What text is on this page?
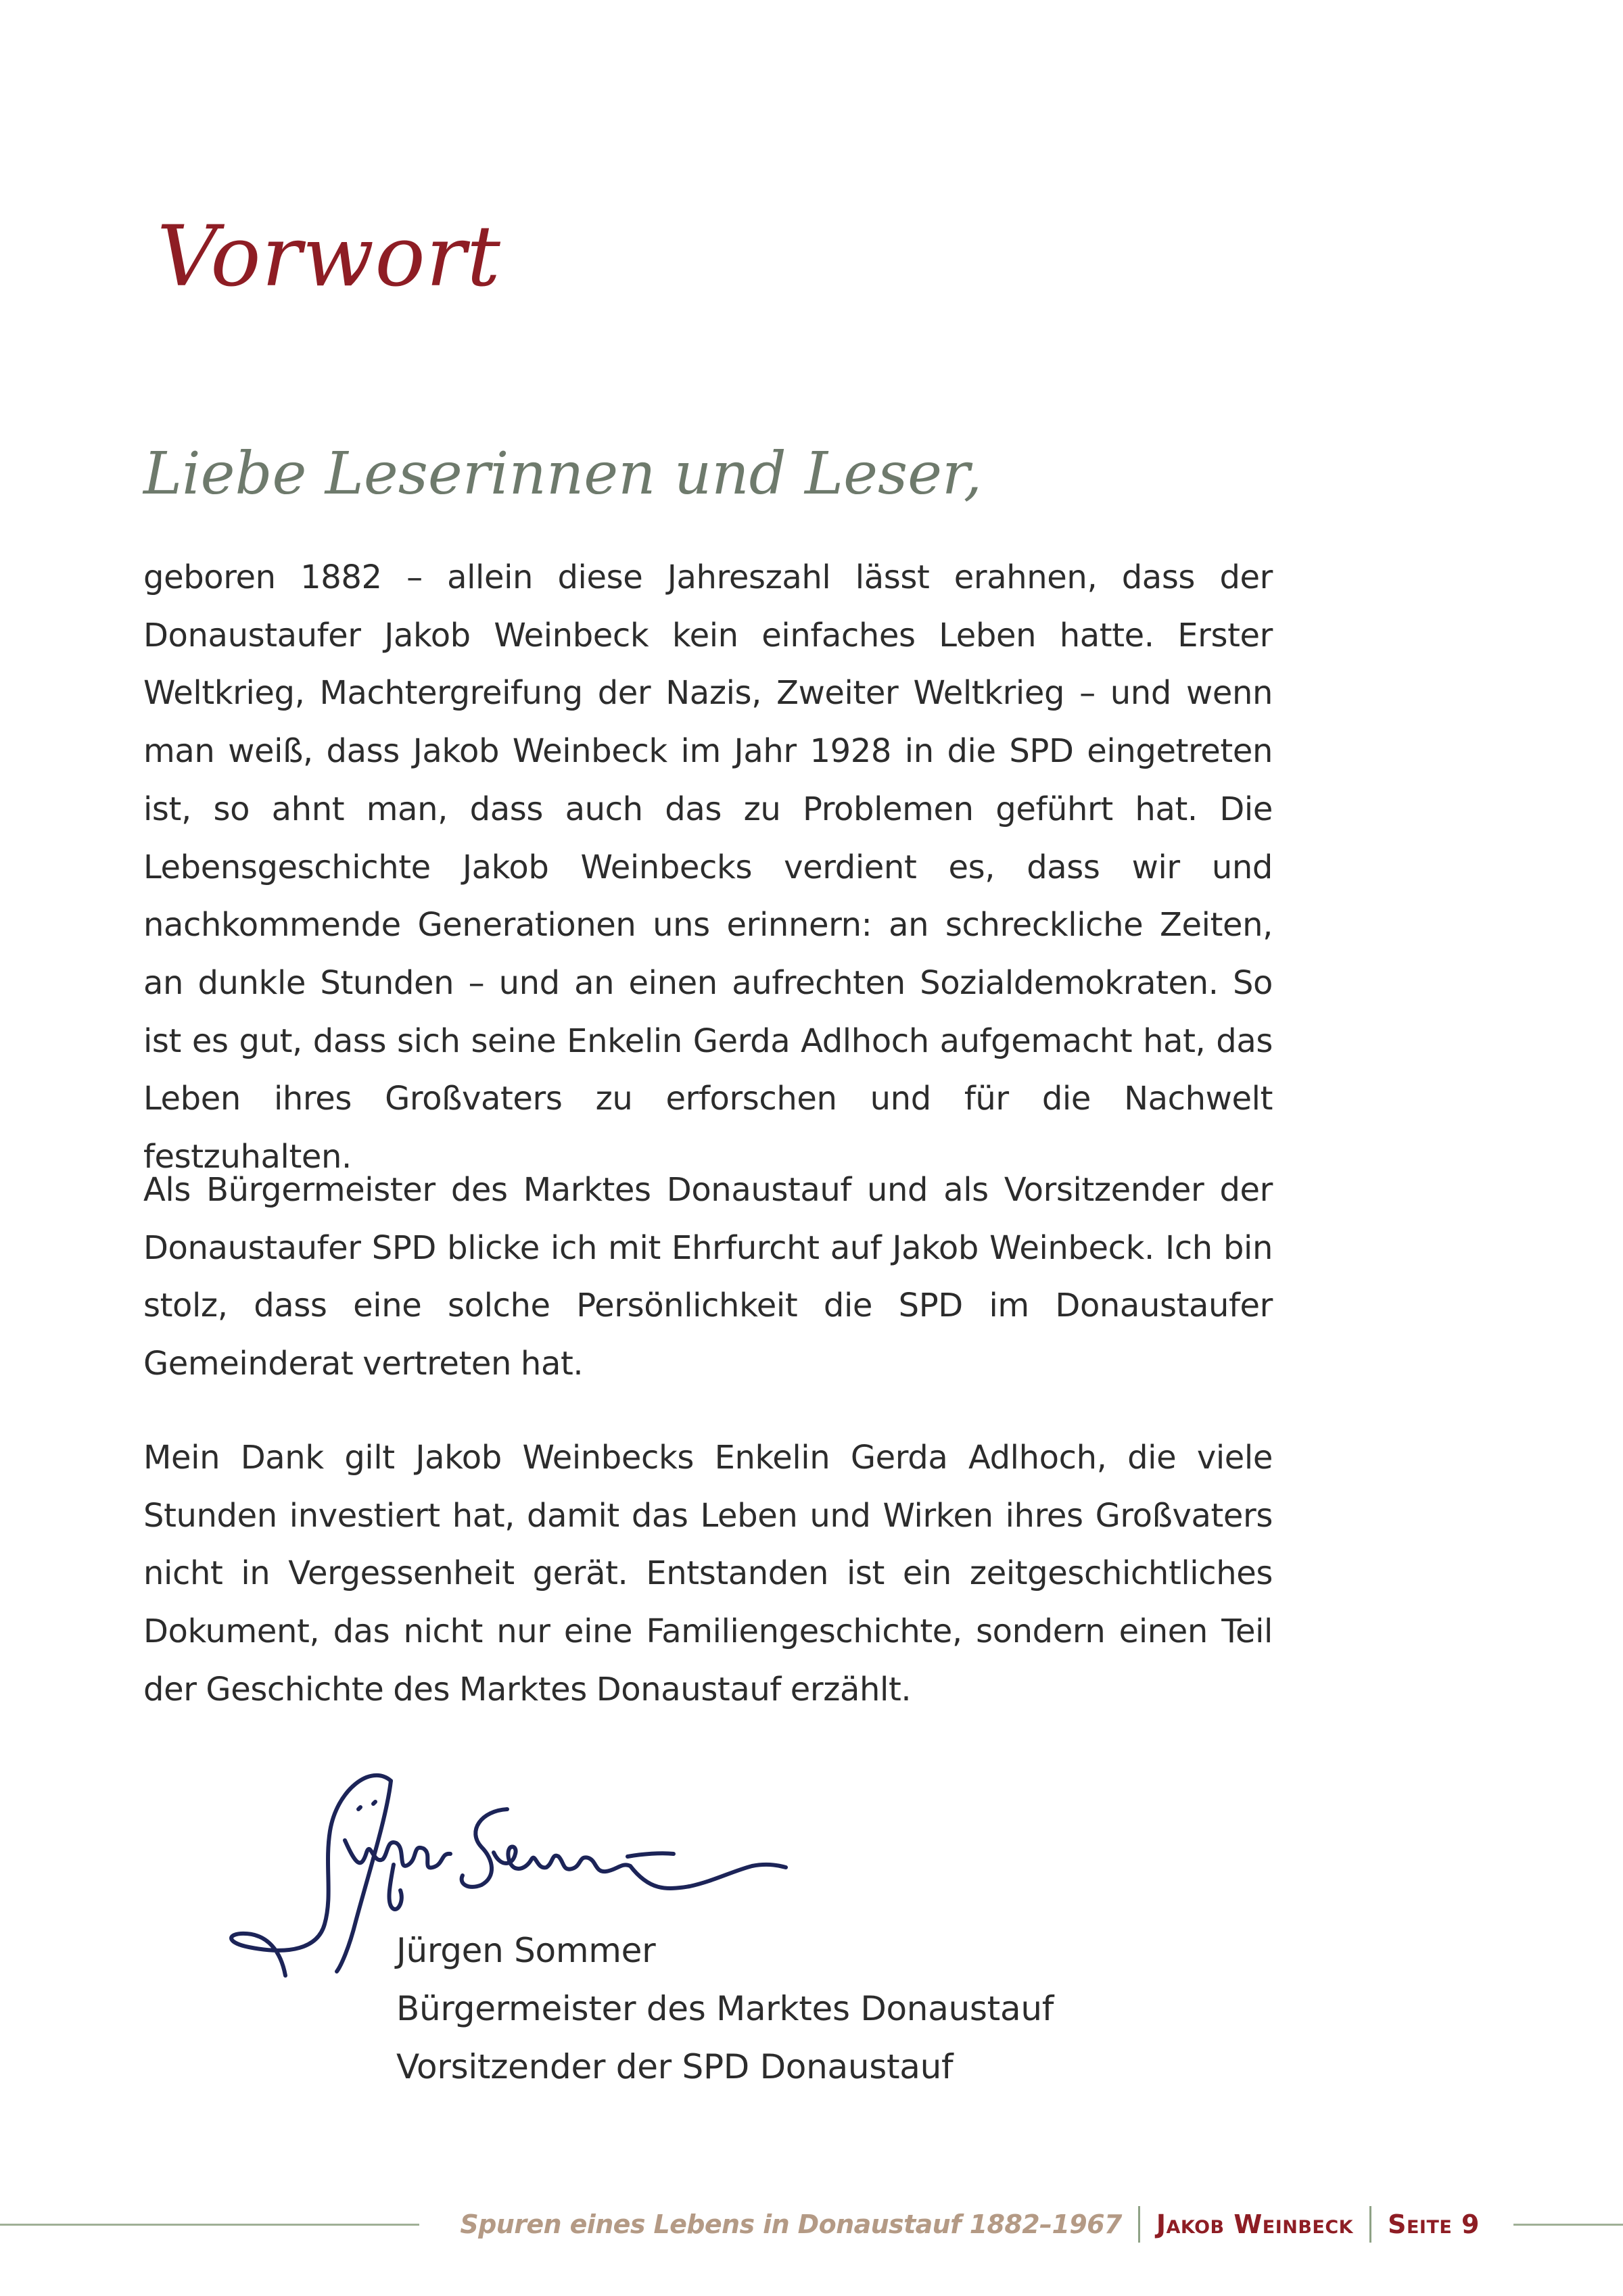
Vorwort
Liebe Leserinnen und Leser,

geboren 1882 – allein diese Jahreszahl lässt erahnen, dass der Donaustaufer Jakob Weinbeck kein einfaches Leben hatte. Erster Weltkrieg, Machtergreifung der Nazis, Zweiter Weltkrieg – und wenn man weiß, dass Jakob Weinbeck im Jahr 1928 in die SPD eingetreten ist, so ahnt man, dass auch das zu Problemen geführt hat. Die Lebensgeschichte Jakob Weinbecks verdient es, dass wir und nachkommende Generationen uns erinnern: an schreckliche Zeiten, an dunkle Stunden – und an einen aufrechten Sozialdemokraten. So ist es gut, dass sich seine Enkelin Gerda Adlhoch aufgemacht hat, das Leben ihres Großvaters zu erforschen und für die Nachwelt festzuhalten.

Als Bürgermeister des Marktes Donaustauf und als Vorsitzender der Donaustaufer SPD blicke ich mit Ehrfurcht auf Jakob Weinbeck. Ich bin stolz, dass eine solche Persönlichkeit die SPD im Donaustaufer Gemeinderat vertreten hat.

Mein Dank gilt Jakob Weinbecks Enkelin Gerda Adlhoch, die viele Stunden investiert hat, damit das Leben und Wirken ihres Großvaters nicht in Vergessenheit gerät. Entstanden ist ein zeitgeschichtliches Dokument, das nicht nur eine Familiengeschichte, sondern einen Teil der Geschichte des Marktes Donaustauf erzählt.

Jürgen Sommer
Bürgermeister des Marktes Donaustauf
Vorsitzender der SPD Donaustauf
Spuren eines Lebens in Donaustauf 1882–1967 Jakob Weinbeck Seite 9
